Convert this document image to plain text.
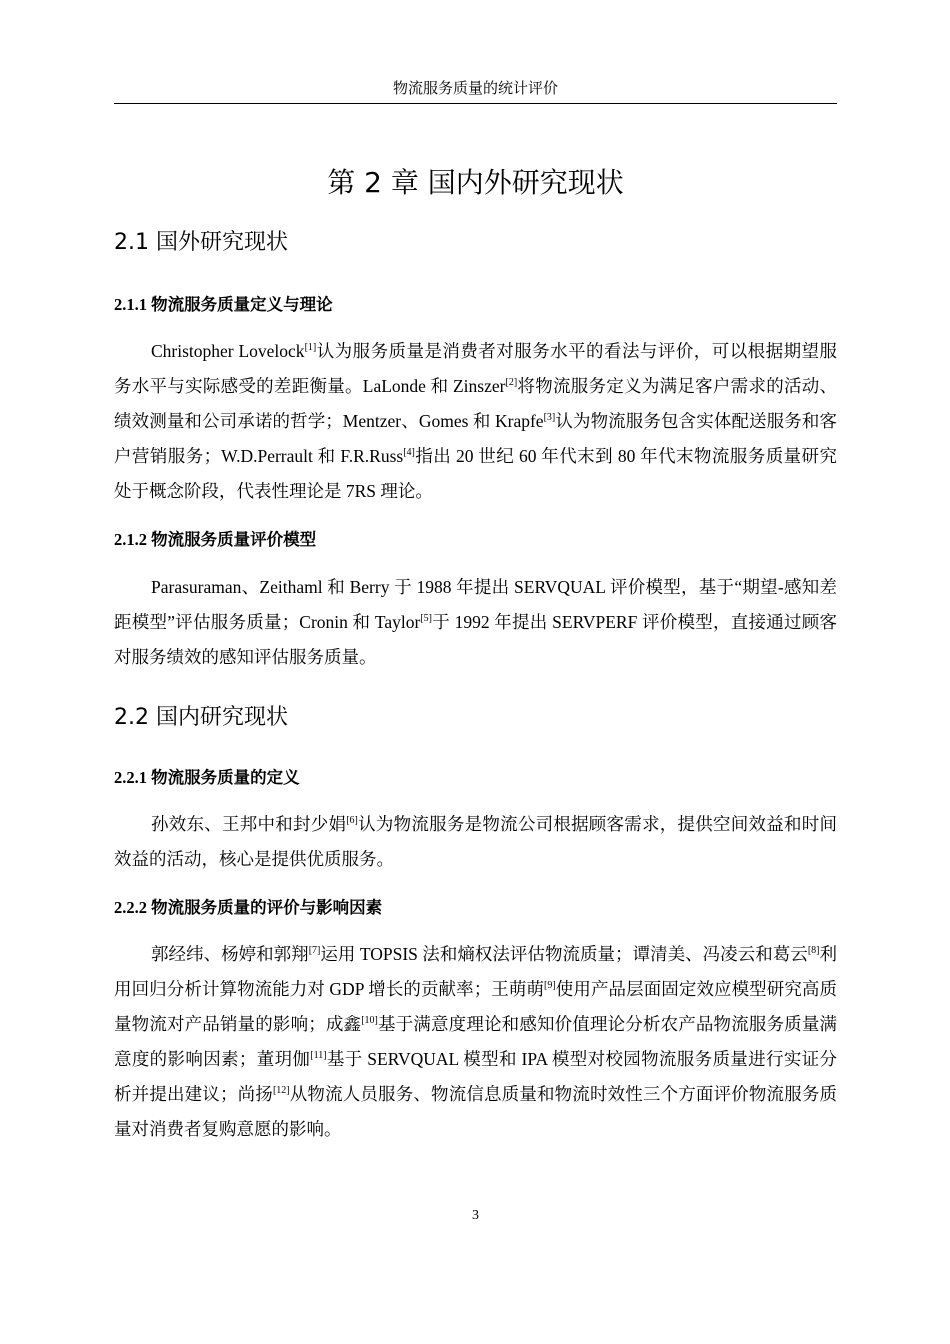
物流服务质量的统计评价
第 2 章 国内外研究现状
2.1 国外研究现状
2.1.1 物流服务质量定义与理论

Christopher Lovelock[1]认为服务质量是消费者对服务水平的看法与评价，可以根据期望服务水平与实际感受的差距衡量。LaLonde 和 Zinszer[2]将物流服务定义为满足客户需求的活动、绩效测量和公司承诺的哲学；Mentzer、Gomes 和 Krapfe[3]认为物流服务包含实体配送服务和客户营销服务；W.D.Perrault 和 F.R.Russ[4]指出 20 世纪 60 年代末到 80 年代末物流服务质量研究处于概念阶段，代表性理论是 7RS 理论。

2.1.2 物流服务质量评价模型

Parasuraman、Zeithaml 和 Berry 于 1988 年提出 SERVQUAL 评价模型，基于“期望-感知差距模型”评估服务质量；Cronin 和 Taylor[5]于 1992 年提出 SERVPERF 评价模型，直接通过顾客对服务绩效的感知评估服务质量。

2.2 国内研究现状
2.2.1 物流服务质量的定义

孙效东、王邦中和封少娟[6]认为物流服务是物流公司根据顾客需求，提供空间效益和时间效益的活动，核心是提供优质服务。

2.2.2 物流服务质量的评价与影响因素

郭经纬、杨婷和郭翔[7]运用 TOPSIS 法和熵权法评估物流质量；谭清美、冯凌云和葛云[8]利用回归分析计算物流能力对 GDP 增长的贡献率；王萌萌[9]使用产品层面固定效应模型研究高质量物流对产品销量的影响；成鑫[10]基于满意度理论和感知价值理论分析农产品物流服务质量满意度的影响因素；董玥伽[11]基于 SERVQUAL 模型和 IPA 模型对校园物流服务质量进行实证分析并提出建议；尚扬[12]从物流人员服务、物流信息质量和物流时效性三个方面评价物流服务质量对消费者复购意愿的影响。

3
